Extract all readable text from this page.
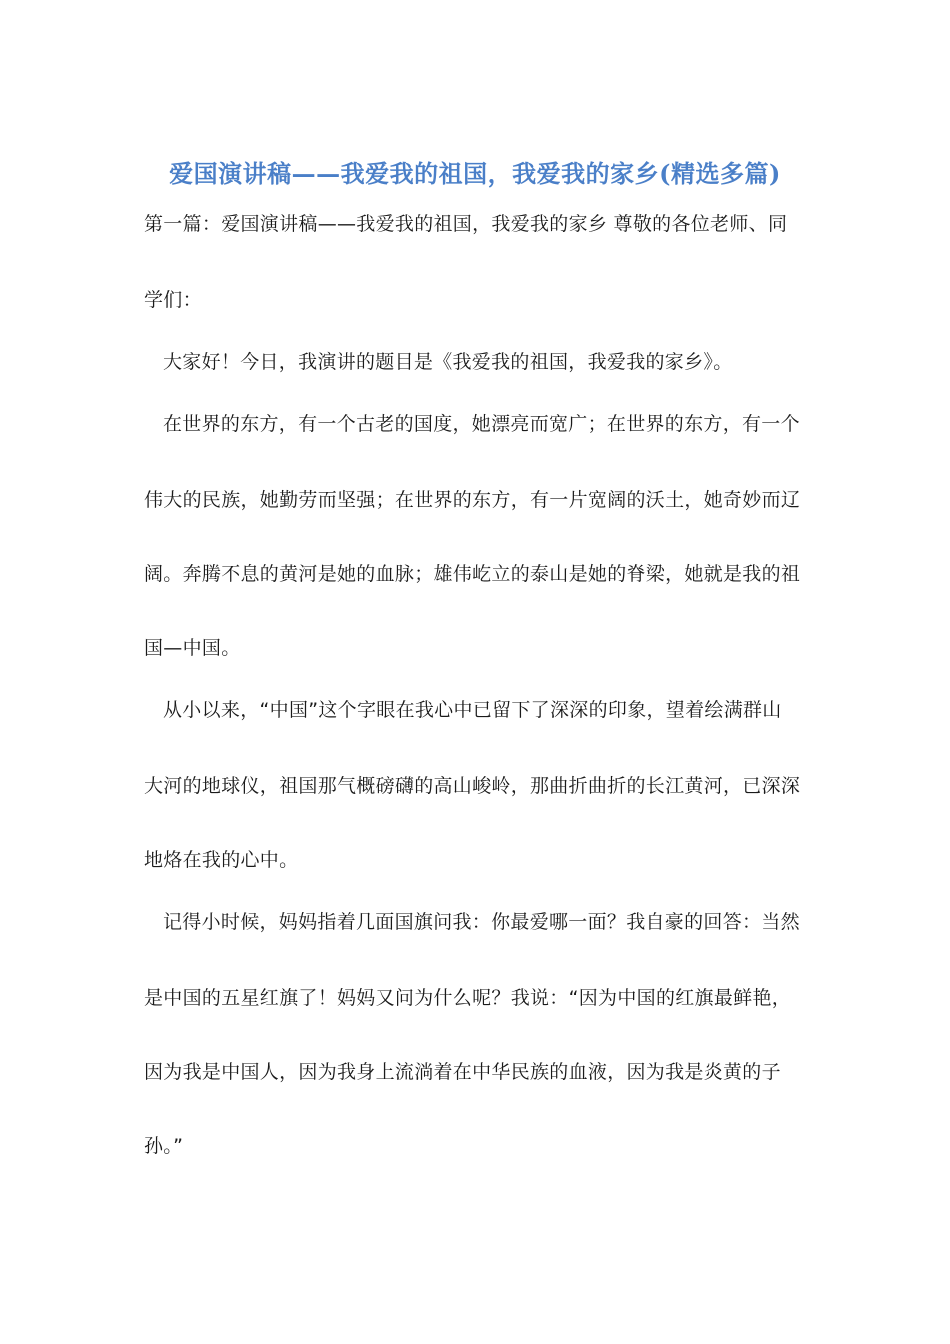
爱国演讲稿——我爱我的祖国，我爱我的家乡(精选多篇)
第一篇：爱国演讲稿——我爱我的祖国，我爱我的家乡 尊敬的各位老师、同
学们：
大家好！今日，我演讲的题目是《我爱我的祖国，我爱我的家乡》。
在世界的东方，有一个古老的国度，她漂亮而宽广；在世界的东方，有一个
伟大的民族，她勤劳而坚强；在世界的东方，有一片宽阔的沃土，她奇妙而辽
阔。奔腾不息的黄河是她的血脉；雄伟屹立的泰山是她的脊梁，她就是我的祖
国—中国。
从小以来，“中国”这个字眼在我心中已留下了深深的印象，望着绘满群山
大河的地球仪，祖国那气概磅礴的高山峻岭，那曲折曲折的长江黄河，已深深
地烙在我的心中。
记得小时候，妈妈指着几面国旗问我：你最爱哪一面？我自豪的回答：当然
是中国的五星红旗了！妈妈又问为什么呢？我说：“因为中国的红旗最鲜艳，
因为我是中国人，因为我身上流淌着在中华民族的血液，因为我是炎黄的子
孙。”
